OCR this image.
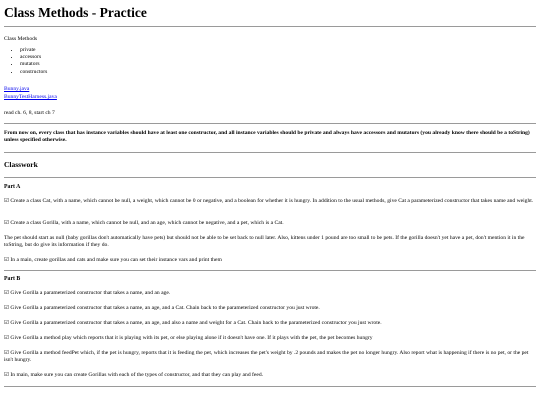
Class Methods - Practice
Class Methods
• private
• accessors
• mutators
• constructors
Bunny.java
BunnyTestHarness.java
read ch. 6, 8, start ch 7
From now on, every class that has instance variables should have at least one constructor, and all instance variables should be private and always have accessors and mutators (you already know there should be a toString) unless specified otherwise.
Classwork
Part A
☑ Create a class Cat, with a name, which cannot be null, a weight, which cannot be 0 or negative, and a boolean for whether it is hungry. In addition to the usual methods, give Cat a parameterized constructor that takes name and weight.
☑ Create a class Gorilla, with a name, which cannot be null, and an age, which cannot be negative, and a pet, which is a Cat.
The pet should start as null (baby gorillas don't automatically have pets) but should not be able to be set back to null later. Also, kittens under 1 pound are too small to be pets. If the gorilla doesn't yet have a pet, don't mention it in the toString, but do give its information if they do.
☑ In a main, create gorillas and cats and make sure you can set their instance vars and print them
Part B
☑ Give Gorilla a parameterized constructor that takes a name, and an age.
☑ Give Gorilla a parameterized constructor that takes a name, an age, and a Cat. Chain back to the parameterized constructor you just wrote.
☑ Give Gorilla a parameterized constructor that takes a name, an age, and also a name and weight for a Cat. Chain back to the parameterized constructor you just wrote.
☑ Give Gorilla a method play which reports that it is playing with its pet, or else playing alone if it doesn't have one. If it plays with the pet, the pet becomes hungry
☑ Give Gorilla a method feedPet which, if the pet is hungry, reports that it is feeding the pet, which increases the pet's weight by .2 pounds and makes the pet no longer hungry. Also report what is happening if there is no pet, or the pet isn't hungry.
☑ In main, make sure you can create Gorillas with each of the types of constructor, and that they can play and feed.
